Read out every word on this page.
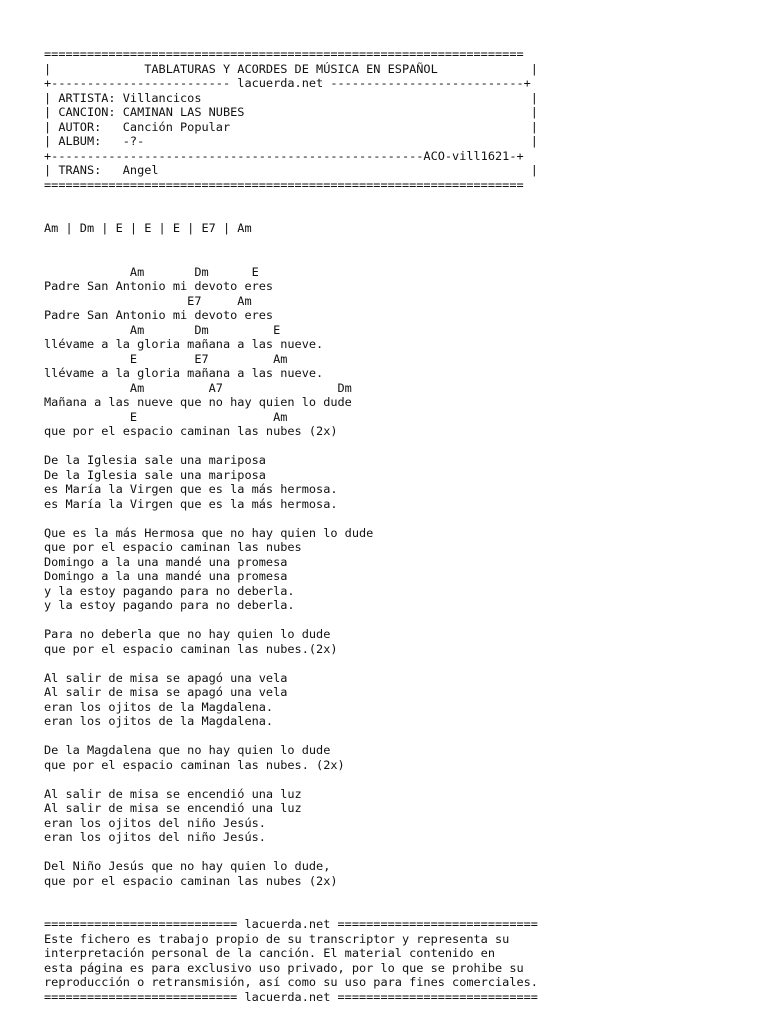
===================================================================
|             TABLATURAS Y ACORDES DE MÚSICA EN ESPAÑOL             |
+------------------------- lacuerda.net ---------------------------+
| ARTISTA: Villancicos                                              |
| CANCION: CAMINAN LAS NUBES                                        |
| AUTOR:   Canción Popular                                          |
| ALBUM:   -?-                                                      |
+----------------------------------------------------ACO-vill1621-+
| TRANS:   Angel                                                    |
===================================================================

Am | Dm | E | E | E | E7 | Am

Am       Dm      E
Padre San Antonio mi devoto eres
E7     Am
Padre San Antonio mi devoto eres
Am       Dm         E
llévame a la gloria mañana a las nueve.
E        E7         Am
llévame a la gloria mañana a las nueve.
Am         A7                Dm
Mañana a las nueve que no hay quien lo dude
E                   Am
que por el espacio caminan las nubes (2x)

De la Iglesia sale una mariposa
De la Iglesia sale una mariposa
es María la Virgen que es la más hermosa.
es María la Virgen que es la más hermosa.

Que es la más Hermosa que no hay quien lo dude
que por el espacio caminan las nubes
Domingo a la una mandé una promesa
Domingo a la una mandé una promesa
y la estoy pagando para no deberla.
y la estoy pagando para no deberla.

Para no deberla que no hay quien lo dude
que por el espacio caminan las nubes.(2x)

Al salir de misa se apagó una vela
Al salir de misa se apagó una vela
eran los ojitos de la Magdalena.
eran los ojitos de la Magdalena.

De la Magdalena que no hay quien lo dude
que por el espacio caminan las nubes. (2x)

Al salir de misa se encendió una luz
Al salir de misa se encendió una luz
eran los ojitos del niño Jesús.
eran los ojitos del niño Jesús.

Del Niño Jesús que no hay quien lo dude,
que por el espacio caminan las nubes (2x)

=========================== lacuerda.net ============================
Este fichero es trabajo propio de su transcriptor y representa su
interpretación personal de la canción. El material contenido en
esta página es para exclusivo uso privado, por lo que se prohibe su
reproducción o retransmisión, así como su uso para fines comerciales.
=========================== lacuerda.net ============================
